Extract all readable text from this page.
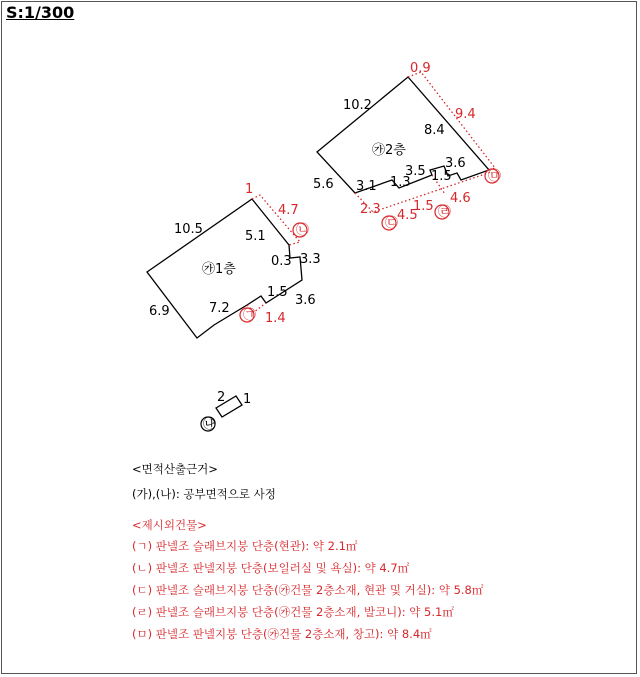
S:1/300
㉮2층
10.2
8.4
5.6 3.1 1.3
3.5 1.5
3.6
㉮1층
10.5	5.1
0.3 3.3
6.9	7.2
1.5
3.6
㉯
2 1
㉠ 1.4
㉡
1
4.7
㉢
2.3 4.5 ㉣
1.5
4.6
㉤
0.9
9.4
<면적산출근거>
(가),(나): 공부면적으로 사정
<제시외건물>
(ㄱ) 판넬조 슬래브지붕 단층(현관): 약 2.1㎡
(ㄴ) 판넬조 판넬지붕 단층(보일러실 및 욕실): 약 4.7㎡
(ㄷ) 판넬조 슬래브지붕 단층(㉮건물 2층소재, 현관 및 거실): 약 5.8㎡
(ㄹ) 판넬조 슬래브지붕 단층(㉮건물 2층소재, 발코니): 약 5.1㎡
(ㅁ) 판넬조 판넬지붕 단층(㉮건물 2층소재, 창고): 약 8.4㎡
